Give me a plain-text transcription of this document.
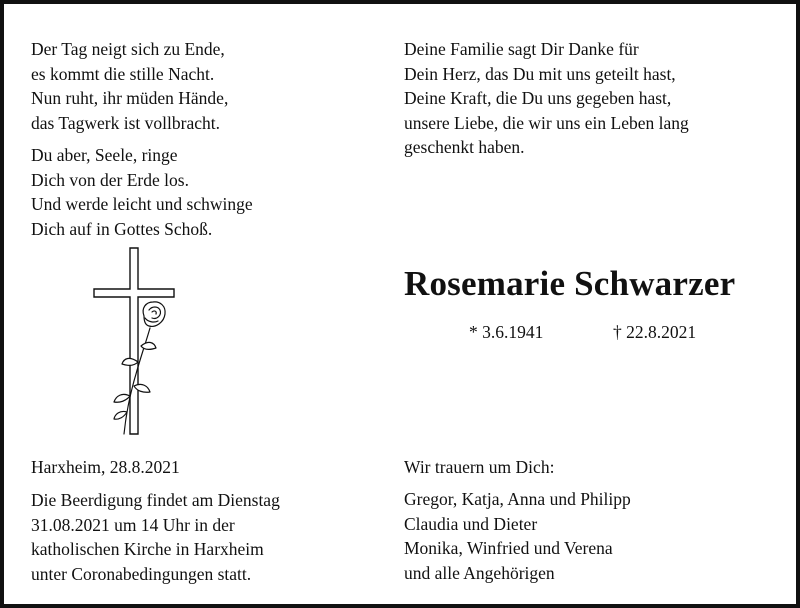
Der Tag neigt sich zu Ende,
es kommt die stille Nacht.
Nun ruht, ihr müden Hände,
das Tagwerk ist vollbracht.
Du aber, Seele, ringe
Dich von der Erde los.
Und werde leicht und schwinge
Dich auf in Gottes Schoß.
Deine Familie sagt Dir Danke für
Dein Herz, das Du mit uns geteilt hast,
Deine Kraft, die Du uns gegeben hast,
unsere Liebe, die wir uns ein Leben lang
geschenkt haben.
Rosemarie Schwarzer
* 3.6.1941	† 22.8.2021
Harxheim, 28.8.2021
Die Beerdigung findet am Dienstag
31.08.2021 um 14 Uhr in der
katholischen Kirche in Harxheim
unter Coronabedingungen statt.
Wir trauern um Dich:
Gregor, Katja, Anna und Philipp
Claudia und Dieter
Monika, Winfried und Verena
und alle Angehörigen
